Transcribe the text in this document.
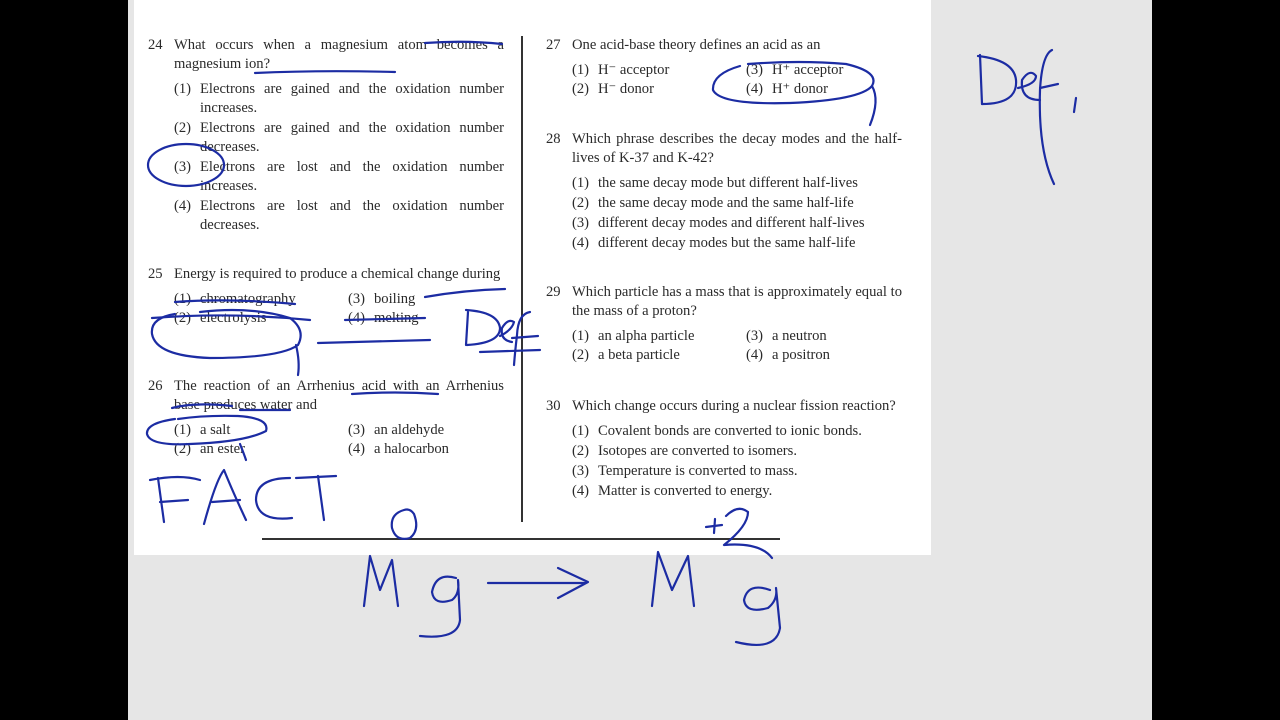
24 What occurs when a magnesium atom becomes a magnesium ion?
(1) Electrons are gained and the oxidation number increases.
(2) Electrons are gained and the oxidation number decreases.
(3) Electrons are lost and the oxidation number increases.
(4) Electrons are lost and the oxidation number decreases.
25 Energy is required to produce a chemical change during
(1) chromatography	(3) boiling
(2) electrolysis	(4) melting
26 The reaction of an Arrhenius acid with an Arrhenius base produces water and
(1) a salt	(3) an aldehyde
(2) an ester	(4) a halocarbon
27 One acid-base theory defines an acid as an
(1) H⁻ acceptor	(3) H⁺ acceptor
(2) H⁻ donor	(4) H⁺ donor
28 Which phrase describes the decay modes and the half-lives of K-37 and K-42?
(1) the same decay mode but different half-lives
(2) the same decay mode and the same half-life
(3) different decay modes and different half-lives
(4) different decay modes but the same half-life
29 Which particle has a mass that is approximately equal to the mass of a proton?
(1) an alpha particle	(3) a neutron
(2) a beta particle	(4) a positron
30 Which change occurs during a nuclear fission reaction?
(1) Covalent bonds are converted to ionic bonds.
(2) Isotopes are converted to isomers.
(3) Temperature is converted to mass.
(4) Matter is converted to energy.
